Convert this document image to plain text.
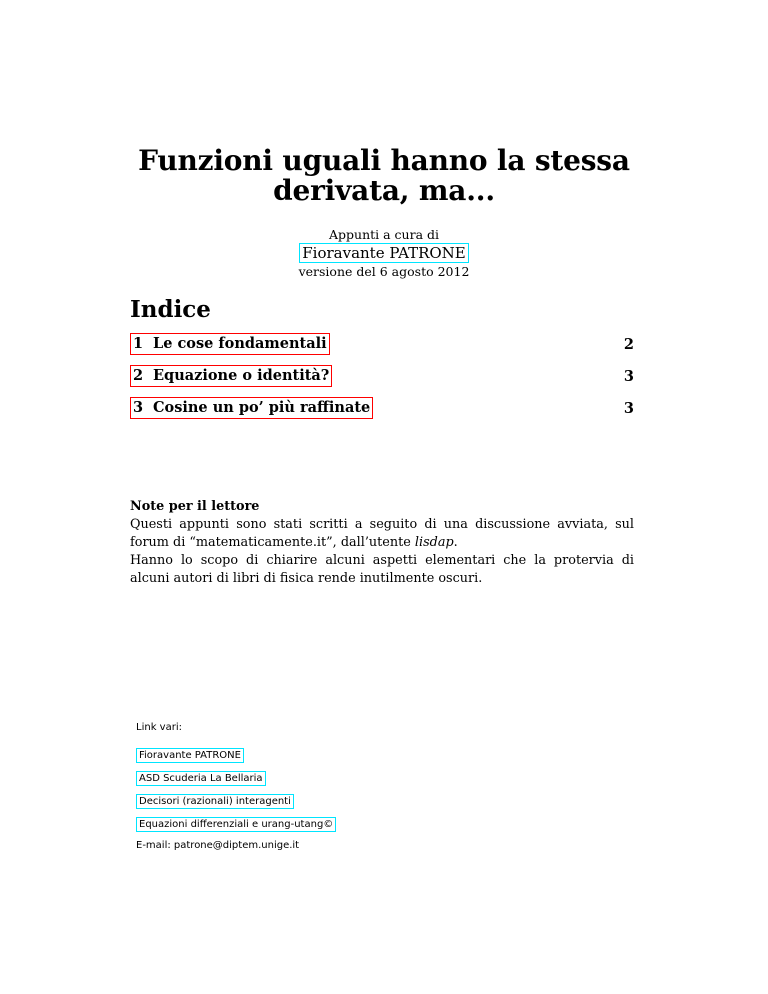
Funzioni uguali hanno la stessa
derivata, ma...
Appunti a cura di
Fioravante PATRONE
versione del 6 agosto 2012
Indice
1 Le cose fondamentali	2
2 Equazione o identità?	3
3 Cosine un po’ più raffinate	3
Note per il lettore

Questi appunti sono stati scritti a seguito di una discussione avviata, sul forum di “matematicamente.it”, dall’utente lisdap.

Hanno lo scopo di chiarire alcuni aspetti elementari che la protervia di alcuni autori di libri di fisica rende inutilmente oscuri.

Link vari:
Fioravante PATRONE
ASD Scuderia La Bellaria
Decisori (razionali) interagenti
Equazioni differenziali e urang-utang©
E-mail: patrone@diptem.unige.it
